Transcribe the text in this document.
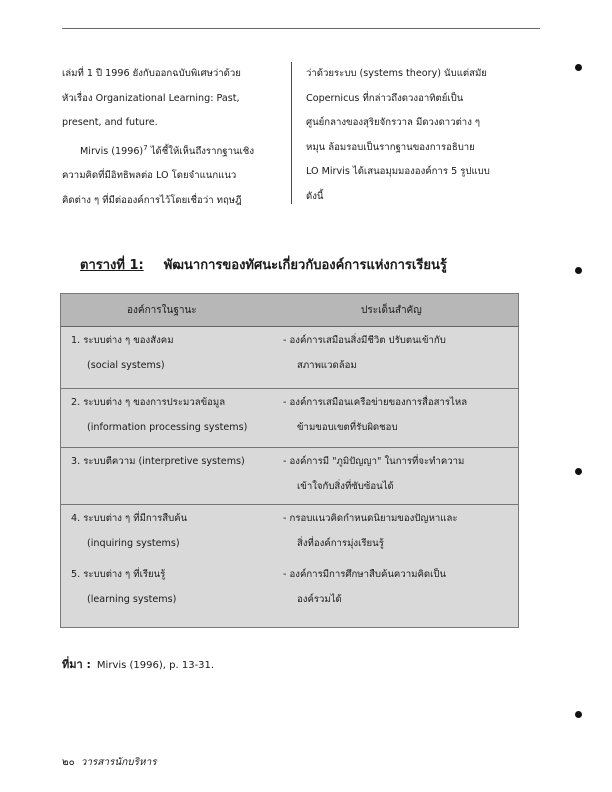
เล่มที่ 1 ปี 1996 ยังกับออกฉบับพิเศษว่าด้วย

หัวเรื่อง Organizational Learning: Past,

present, and future.

Mirvis $(1996)^7$ ได้ชี้ให้เห็นถึงรากฐานเชิง

ความคิดที่มีอิทธิพลต่อ LO โดยจำแนกแนว

คิดต่าง ๆ ที่มีต่อองค์การไว้โดยเชื่อว่า ทฤษฎี

ว่าด้วยระบบ (systems theory) นับแต่สมัย

Copernicus ที่กล่าวถึงดวงอาทิตย์เป็น

ศูนย์กลางของสุริยจักรวาล มีดวงดาวต่าง ๆ

หมุน ล้อมรอบเป็นรากฐานของการอธิบาย

LO Mirvis ได้เสนอมุมมององค์การ 5 รูปแบบ

ดังนี้

ตารางที่ 1: พัฒนาการของทัศนะเกี่ยวกับองค์การแห่งการเรียนรู้
องค์การในฐานะ	ประเด็นสำคัญ
1. ระบบต่าง ๆ ของสังคม
(social systems)
- องค์การเสมือนสิ่งมีชีวิต ปรับตนเข้ากับ
สภาพแวดล้อม
2. ระบบต่าง ๆ ของการประมวลข้อมูล
(information processing systems)
- องค์การเสมือนเครือข่ายของการสื่อสารไหล
ข้ามขอบเขตที่รับผิดชอบ
3. ระบบตีความ (interpretive systems)	- องค์การมี "ภูมิปัญญา" ในการที่จะทำความ
เข้าใจกับสิ่งที่ซับซ้อนได้
4. ระบบต่าง ๆ ที่มีการสืบค้น
(inquiring systems)
- กรอบแนวคิดกำหนดนิยามของปัญหาและ
สิ่งที่องค์การมุ่งเรียนรู้
5. ระบบต่าง ๆ ที่เรียนรู้
(learning systems)
- องค์การมีการศึกษาสืบค้นความคิดเป็น
องค์รวมได้
ที่มา : Mirvis (1996), p. 13-31.
๒๐ วารสารนักบริหาร
